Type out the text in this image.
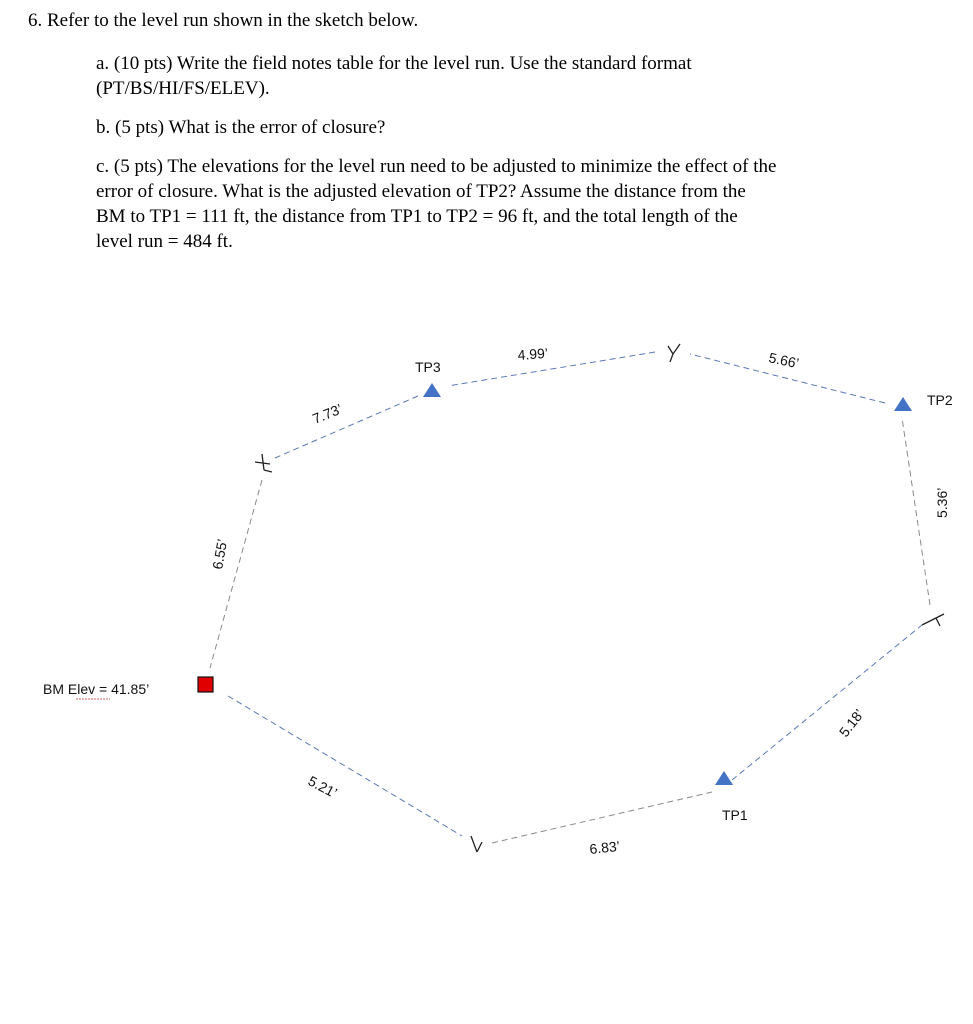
6. Refer to the level run shown in the sketch below.

a. (10 pts) Write the field notes table for the level run. Use the standard format
(PT/BS/HI/FS/ELEV).
b. (5 pts) What is the error of closure?
c. (5 pts) The elevations for the level run need to be adjusted to minimize the effect of the
error of closure. What is the adjusted elevation of TP2? Assume the distance from the
BM to TP1 = 111 ft, the distance from TP1 to TP2 = 96 ft, and the total length of the
level run = 484 ft.
BM Elev = 41.85’
TP3
TP2
TP1
5.21’
6.83’
5.18’
5.36’
5.66’
4.99’
7.73’
6.55’
